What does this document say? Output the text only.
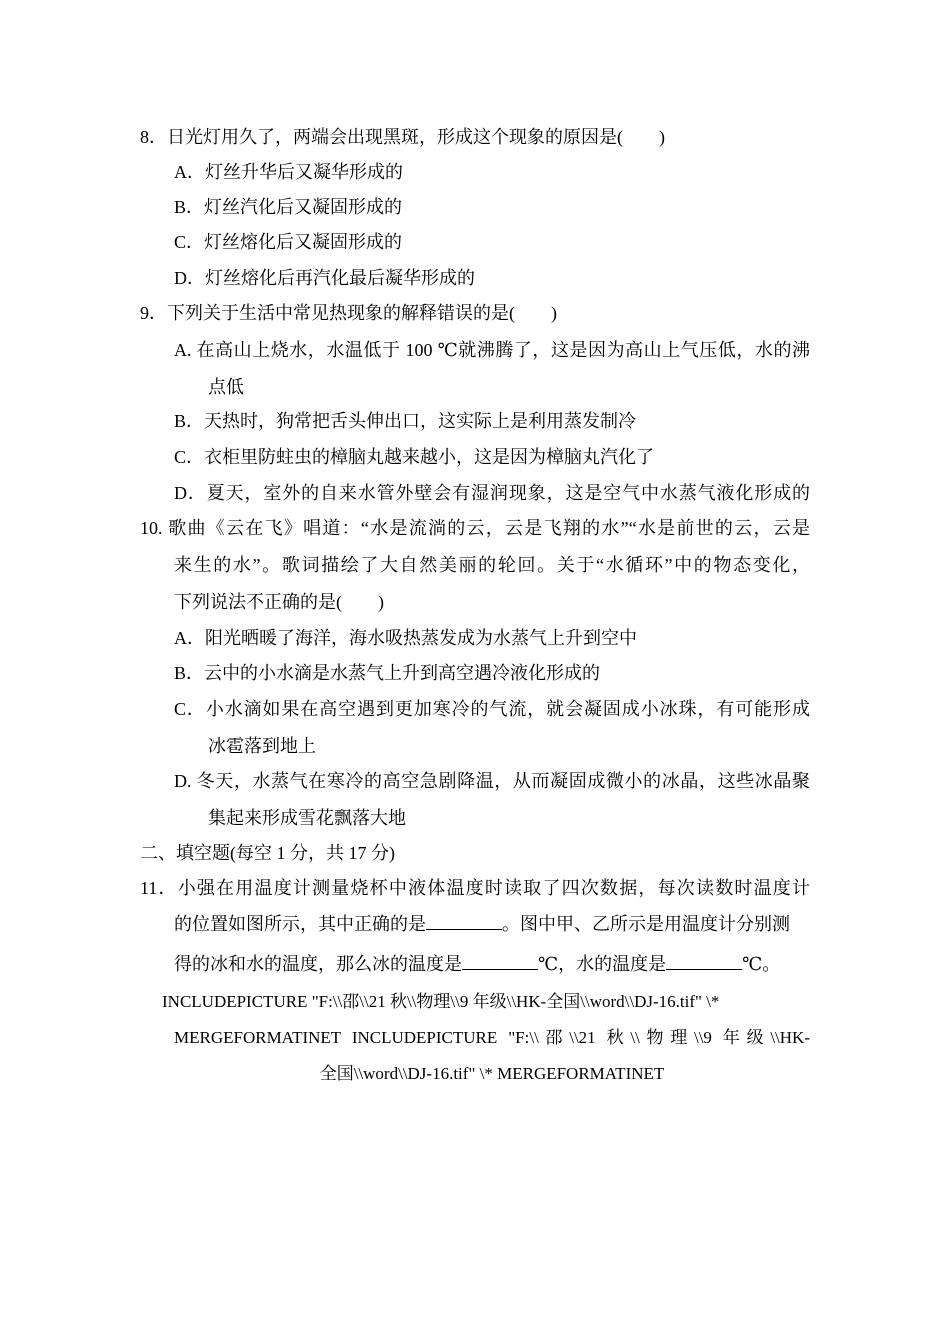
8．日光灯用久了，两端会出现黑斑，形成这个现象的原因是(　　)
A．灯丝升华后又凝华形成的
B．灯丝汽化后又凝固形成的
C．灯丝熔化后又凝固形成的
D．灯丝熔化后再汽化最后凝华形成的
9．下列关于生活中常见热现象的解释错误的是(　　)
A. 在高山上烧水，水温低于 100 ℃就沸腾了，这是因为高山上气压低，水的沸
点低
B．天热时，狗常把舌头伸出口，这实际上是利用蒸发制冷
C．衣柜里防蛀虫的樟脑丸越来越小，这是因为樟脑丸汽化了
D．夏天，室外的自来水管外壁会有湿润现象，这是空气中水蒸气液化形成的
10. 歌曲《云在飞》唱道：“水是流淌的云，云是飞翔的水”“水是前世的云，云是
来生的水”。歌词描绘了大自然美丽的轮回。关于“水循环”中的物态变化，
下列说法不正确的是(　　)
A．阳光晒暖了海洋，海水吸热蒸发成为水蒸气上升到空中
B．云中的小水滴是水蒸气上升到高空遇冷液化形成的
C．小水滴如果在高空遇到更加寒冷的气流，就会凝固成小冰珠，有可能形成
冰雹落到地上
D. 冬天，水蒸气在寒冷的高空急剧降温，从而凝固成微小的冰晶，这些冰晶聚
集起来形成雪花飘落大地
二、填空题(每空 1 分，共 17 分)
11．小强在用温度计测量烧杯中液体温度时读取了四次数据，每次读数时温度计
的位置如图所示，其中正确的是	。图中甲、乙所示是用温度计分别测
得的冰和水的温度，那么冰的温度是	℃，水的温度是	℃。
INCLUDEPICTURE "F:\\邵\\21 秋\\物理\\9 年级\\HK-全国\\word\\DJ-16.tif" \*
MERGEFORMATINET INCLUDEPICTURE "F:\\邵\\21 秋\\物理\\9 年级\\HK-
全国\\word\\DJ-16.tif" \* MERGEFORMATINET
